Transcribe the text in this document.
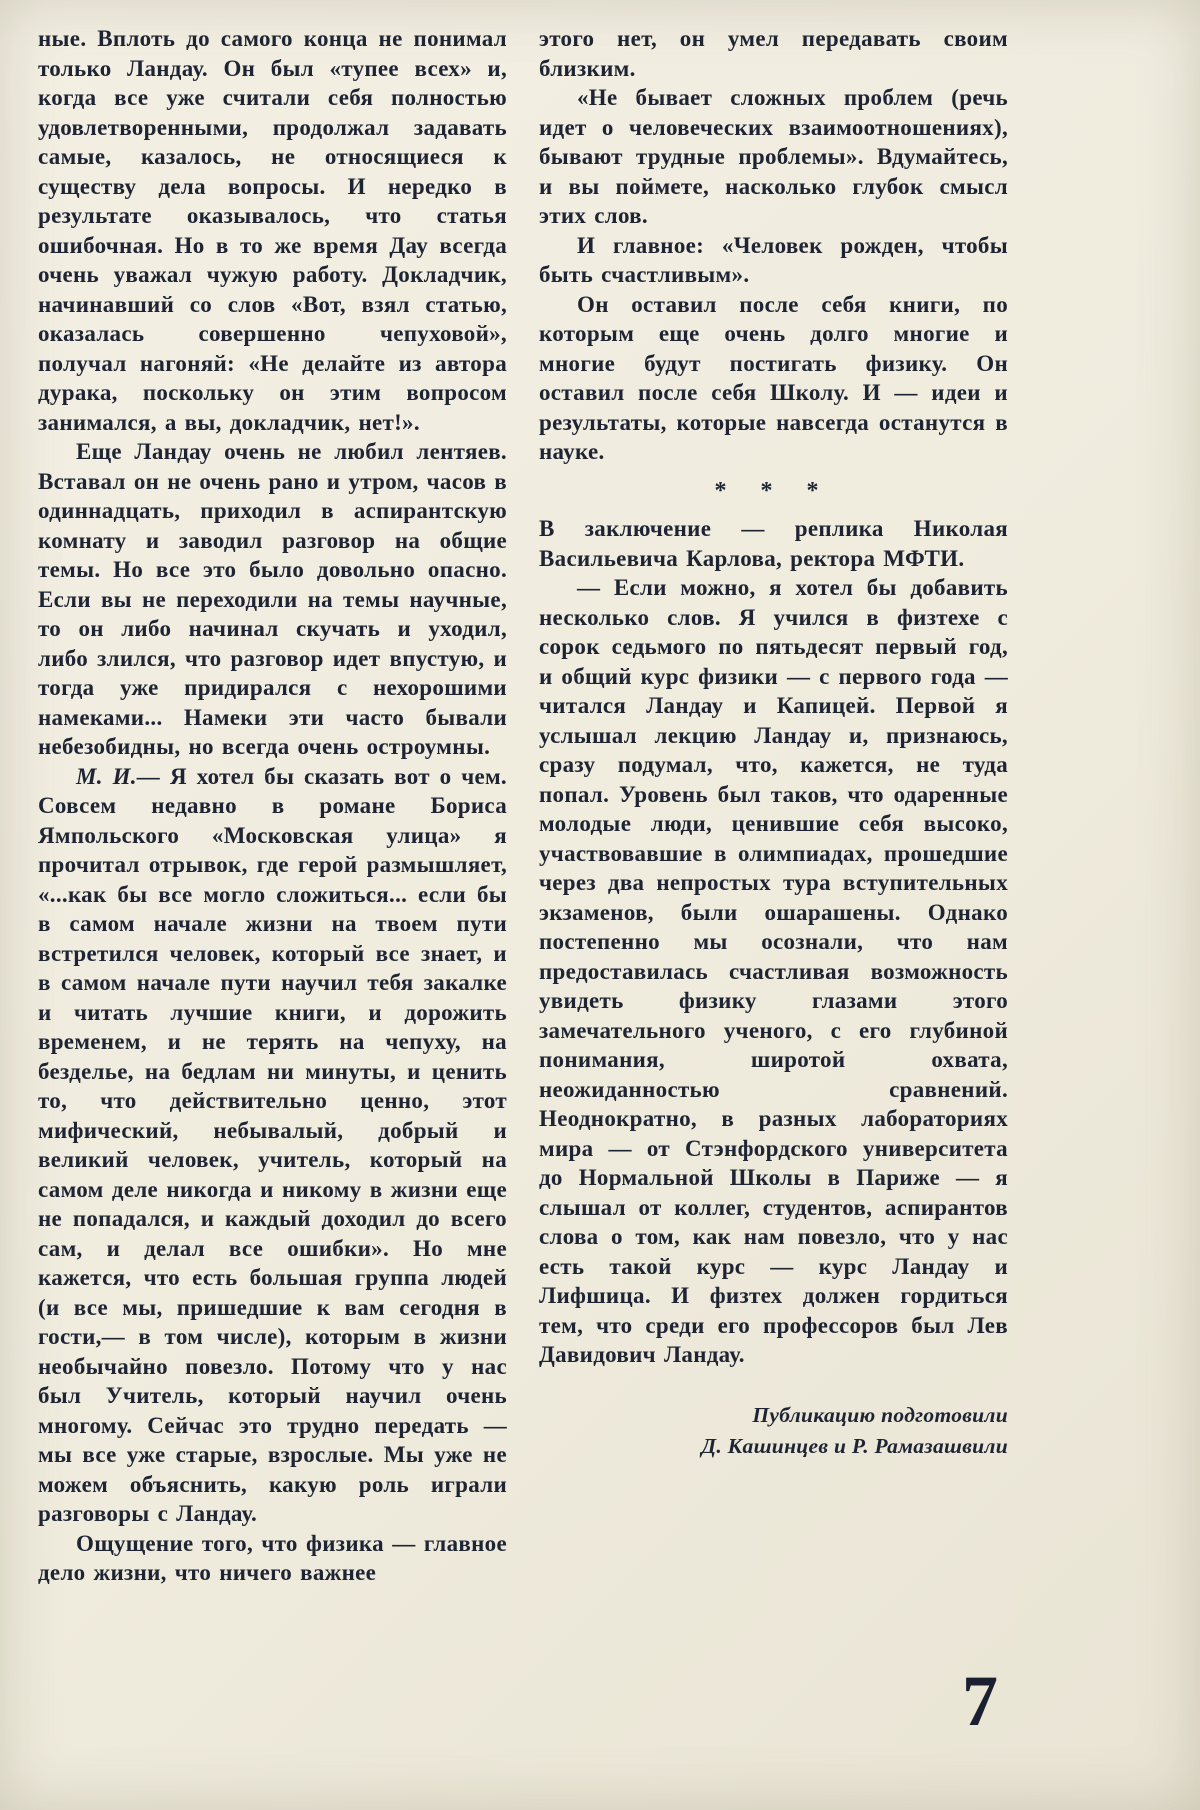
ные. Вплоть до самого конца не понимал только Ландау. Он был «тупее всех» и, когда все уже считали себя полностью удовлетворенными, продолжал задавать самые, казалось, не относящиеся к существу дела вопросы. И нередко в результате оказывалось, что статья ошибочная. Но в то же время Дау всегда очень уважал чужую работу. Докладчик, начинавший со слов «Вот, взял статью, оказалась совершенно чепуховой», получал нагоняй: «Не делайте из автора дурака, поскольку он этим вопросом занимался, а вы, докладчик, нет!».

Еще Ландау очень не любил лентяев. Вставал он не очень рано и утром, часов в одиннадцать, приходил в аспирантскую комнату и заводил разговор на общие темы. Но все это было довольно опасно. Если вы не переходили на темы научные, то он либо начинал скучать и уходил, либо злился, что разговор идет впустую, и тогда уже придирался с нехорошими намеками... Намеки эти часто бывали небезобидны, но всегда очень остроумны.

М. И.— Я хотел бы сказать вот о чем. Совсем недавно в романе Бориса Ямпольского «Московская улица» я прочитал отрывок, где герой размышляет, «...как бы все могло сложиться... если бы в самом начале жизни на твоем пути встретился человек, который все знает, и в самом начале пути научил тебя закалке и читать лучшие книги, и дорожить временем, и не терять на чепуху, на безделье, на бедлам ни минуты, и ценить то, что действительно ценно, этот мифический, небывалый, добрый и великий человек, учитель, который на самом деле никогда и никому в жизни еще не попадался, и каждый доходил до всего сам, и делал все ошибки». Но мне кажется, что есть большая группа людей (и все мы, пришедшие к вам сегодня в гости,— в том числе), которым в жизни необычайно повезло. Потому что у нас был Учитель, который научил очень многому. Сейчас это трудно передать — мы все уже старые, взрослые. Мы уже не можем объяснить, какую роль играли разговоры с Ландау.

Ощущение того, что физика — главное дело жизни, что ничего важнее

этого нет, он умел передавать своим близким.

«Не бывает сложных проблем (речь идет о человеческих взаимоотношениях), бывают трудные проблемы». Вдумайтесь, и вы поймете, насколько глубок смысл этих слов.

И главное: «Человек рожден, чтобы быть счастливым».

Он оставил после себя книги, по которым еще очень долго многие и многие будут постигать физику. Он оставил после себя Школу. И — идеи и результаты, которые навсегда останутся в науке.

* * *

В заключение — реплика Николая Васильевича Карлова, ректора МФТИ.

— Если можно, я хотел бы добавить несколько слов. Я учился в физтехе с сорок седьмого по пятьдесят первый год, и общий курс физики — с первого года — читался Ландау и Капицей. Первой я услышал лекцию Ландау и, признаюсь, сразу подумал, что, кажется, не туда попал. Уровень был таков, что одаренные молодые люди, ценившие себя высоко, участвовавшие в олимпиадах, прошедшие через два непростых тура вступительных экзаменов, были ошарашены. Однако постепенно мы осознали, что нам предоставилась счастливая возможность увидеть физику глазами этого замечательного ученого, с его глубиной понимания, широтой охвата, неожиданностью сравнений. Неоднократно, в разных лабораториях мира — от Стэнфордского университета до Нормальной Школы в Париже — я слышал от коллег, студентов, аспирантов слова о том, как нам повезло, что у нас есть такой курс — курс Ландау и Лифшица. И физтех должен гордиться тем, что среди его профессоров был Лев Давидович Ландау.

Публикацию подготовили
Д. Кашинцев и Р. Рамазашвили
7
